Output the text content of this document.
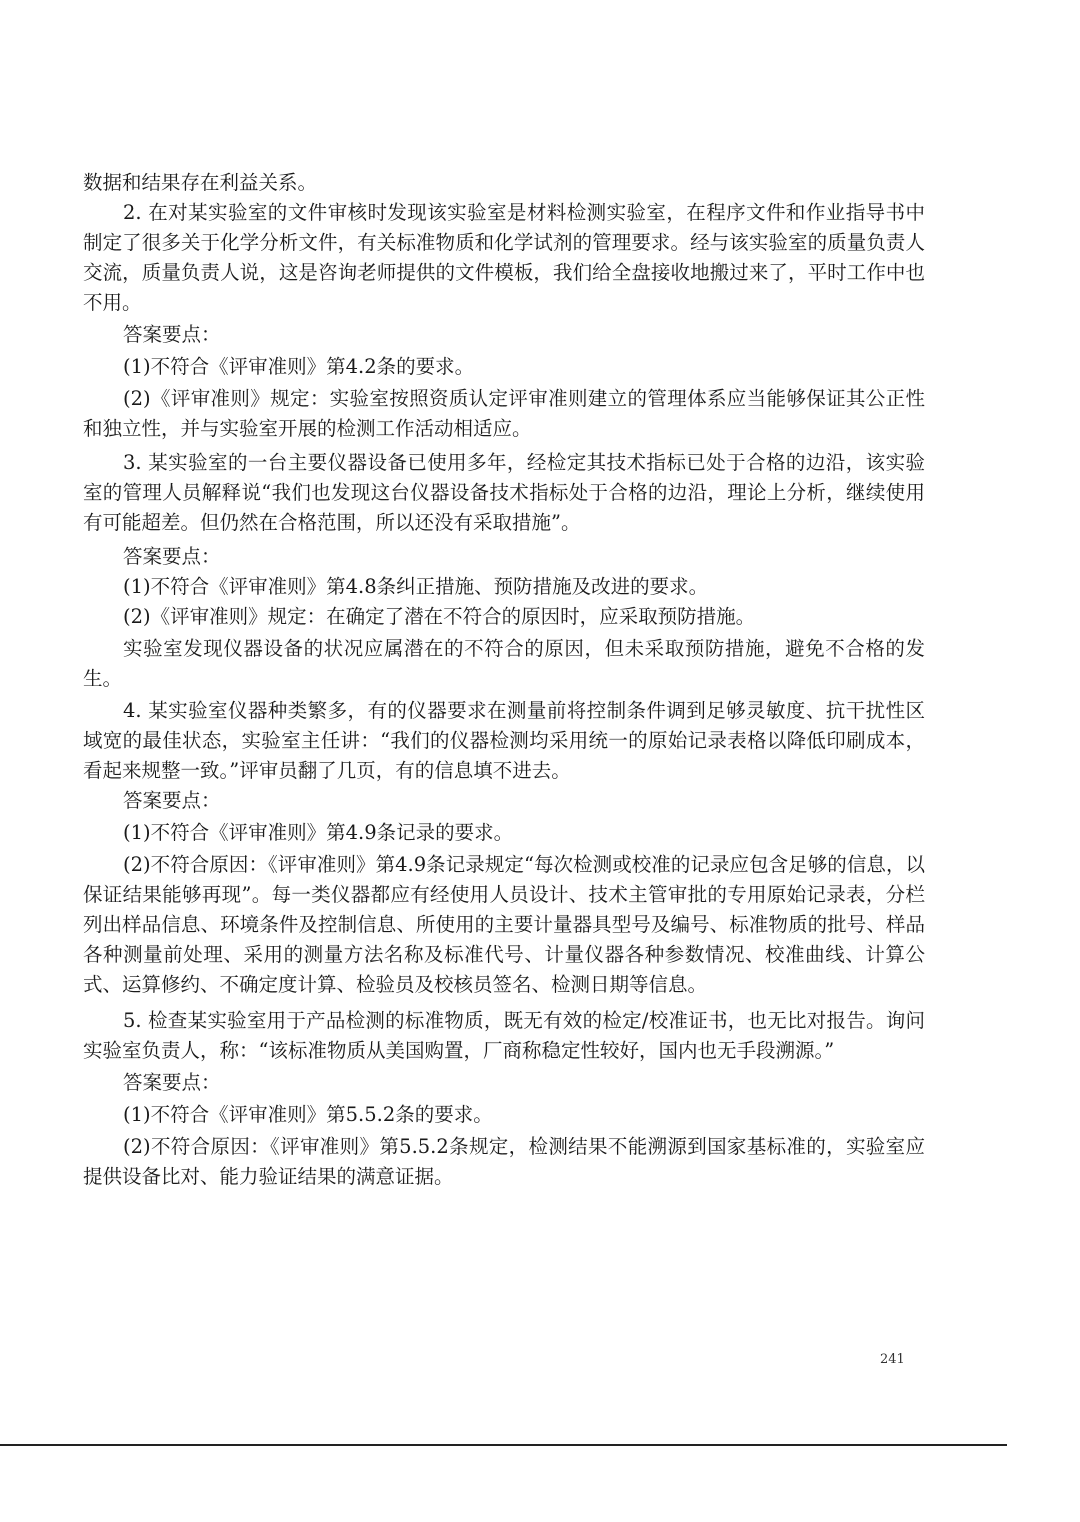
数据和结果存在利益关系。

2. 在对某实验室的文件审核时发现该实验室是材料检测实验室，在程序文件和作业指导书中制定了很多关于化学分析文件，有关标准物质和化学试剂的管理要求。经与该实验室的质量负责人交流，质量负责人说，这是咨询老师提供的文件模板，我们给全盘接收地搬过来了，平时工作中也不用。

答案要点：

(1)不符合《评审准则》第4.2条的要求。

(2)《评审准则》规定：实验室按照资质认定评审准则建立的管理体系应当能够保证其公正性和独立性，并与实验室开展的检测工作活动相适应。

3. 某实验室的一台主要仪器设备已使用多年，经检定其技术指标已处于合格的边沿，该实验室的管理人员解释说“我们也发现这台仪器设备技术指标处于合格的边沿，理论上分析，继续使用有可能超差。但仍然在合格范围，所以还没有采取措施”。

答案要点：

(1)不符合《评审准则》第4.8条纠正措施、预防措施及改进的要求。

(2)《评审准则》规定：在确定了潜在不符合的原因时，应采取预防措施。

实验室发现仪器设备的状况应属潜在的不符合的原因，但未采取预防措施，避免不合格的发生。

4. 某实验室仪器种类繁多，有的仪器要求在测量前将控制条件调到足够灵敏度、抗干扰性区域宽的最佳状态，实验室主任讲：“我们的仪器检测均采用统一的原始记录表格以降低印刷成本，看起来规整一致。”评审员翻了几页，有的信息填不进去。

答案要点：

(1)不符合《评审准则》第4.9条记录的要求。

(2)不符合原因：《评审准则》第4.9条记录规定“每次检测或校准的记录应包含足够的信息，以保证结果能够再现”。每一类仪器都应有经使用人员设计、技术主管审批的专用原始记录表，分栏列出样品信息、环境条件及控制信息、所使用的主要计量器具型号及编号、标准物质的批号、样品各种测量前处理、采用的测量方法名称及标准代号、计量仪器各种参数情况、校准曲线、计算公式、运算修约、不确定度计算、检验员及校核员签名、检测日期等信息。

5. 检查某实验室用于产品检测的标准物质，既无有效的检定/校准证书，也无比对报告。询问实验室负责人，称：“该标准物质从美国购置，厂商称稳定性较好，国内也无手段溯源。”

答案要点：

(1)不符合《评审准则》第5.5.2条的要求。

(2)不符合原因：《评审准则》第5.5.2条规定，检测结果不能溯源到国家基标准的，实验室应提供设备比对、能力验证结果的满意证据。

241
